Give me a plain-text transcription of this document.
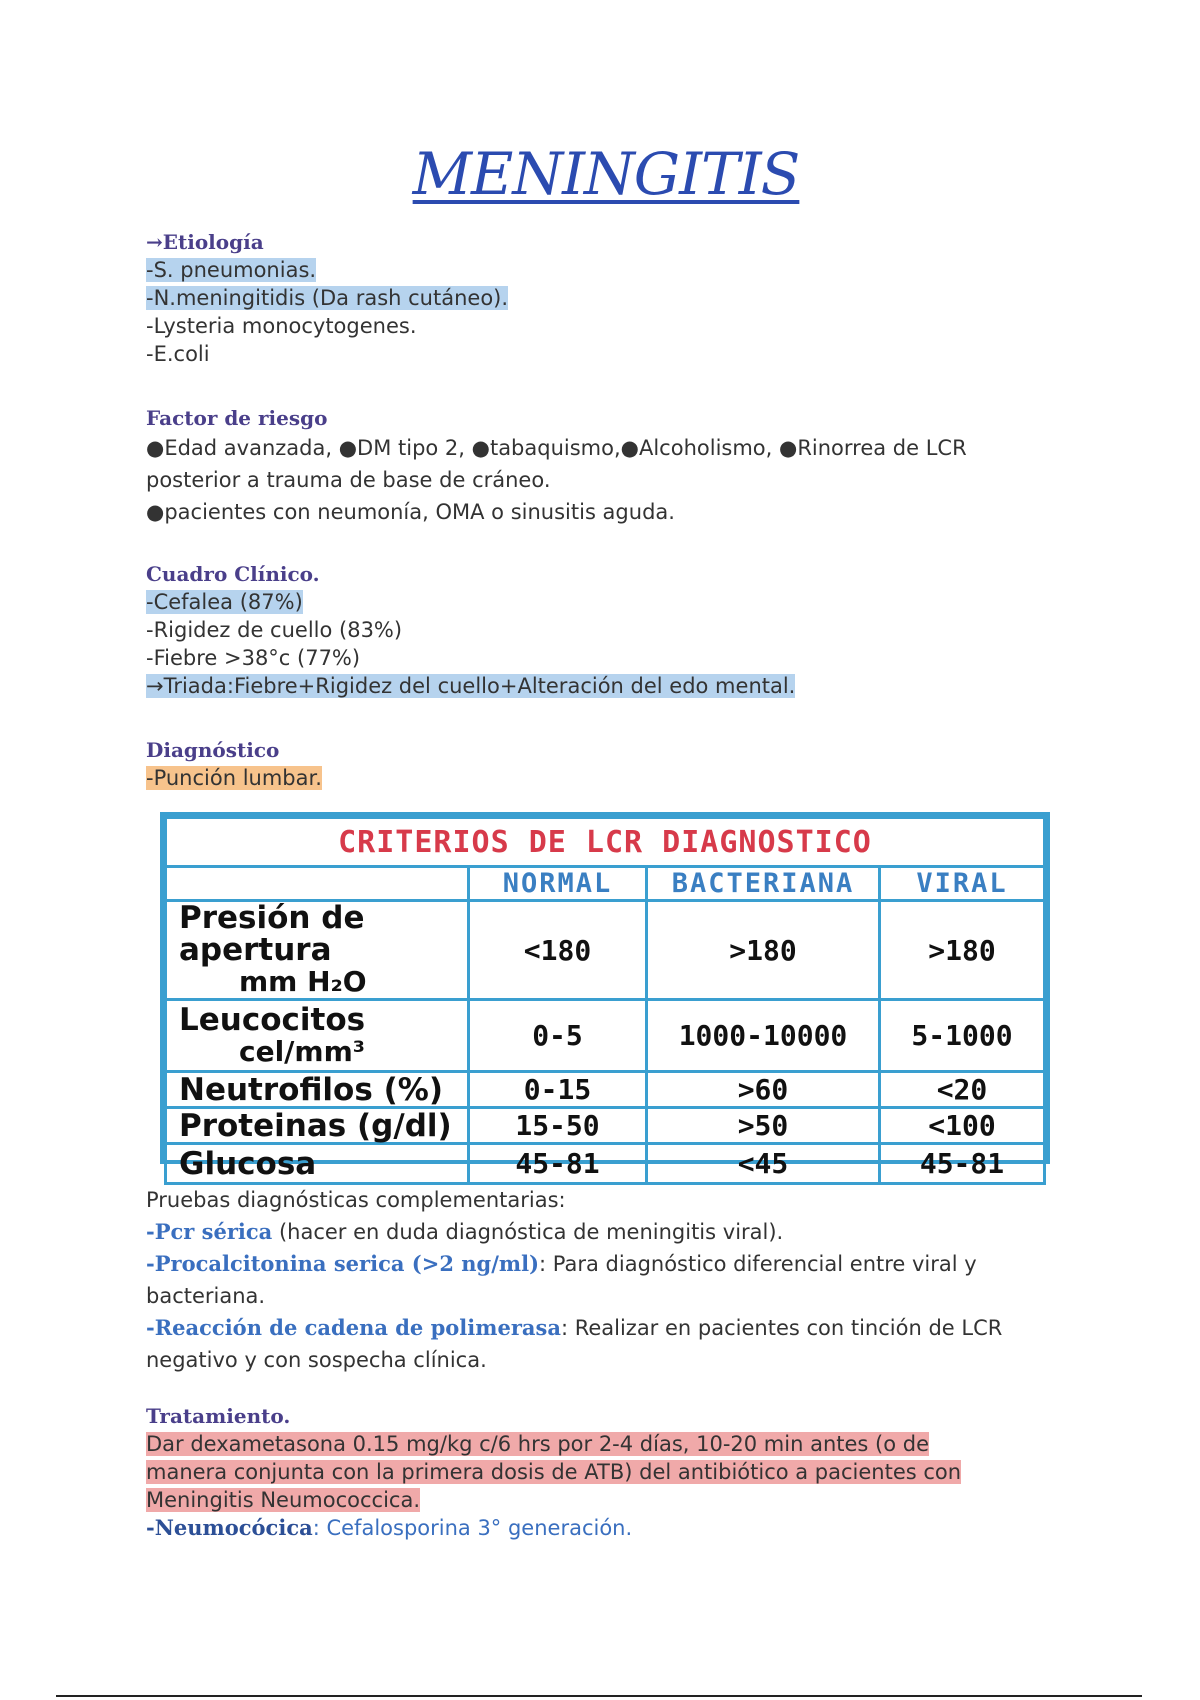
MENINGITIS

→Etiología

-S. pneumonias.

-N.meningitidis (Da rash cutáneo).

-Lysteria monocytogenes.

-E.coli

Factor de riesgo

●Edad avanzada, ●DM tipo 2, ●tabaquismo,●Alcoholismo, ●Rinorrea de LCR

posterior a trauma de base de cráneo.

●pacientes con neumonía, OMA o sinusitis aguda.

Cuadro Clínico.

-Cefalea (87%)

-Rigidez de cuello (83%)

-Fiebre >38°c (77%)

→Triada:Fiebre+Rigidez del cuello+Alteración del edo mental.

Diagnóstico

-Punción lumbar.

CRITERIOS DE LCR DIAGNOSTICO			
	NORMAL	BACTERIANA	VIRAL
Presión de apertura
mm H₂O	<180	>180	>180
Leucocitos
cel/mm³	0-5	1000-10000	5-1000
Neutrofilos (%)	0-15	>60	<20
Proteinas (g/dl)	15-50	>50	<100
Glucosa	45-81	<45	45-81

Pruebas diagnósticas complementarias:

-Pcr sérica (hacer en duda diagnóstica de meningitis viral).

-Procalcitonina serica (>2 ng/ml): Para diagnóstico diferencial entre viral y

bacteriana.

-Reacción de cadena de polimerasa: Realizar en pacientes con tinción de LCR

negativo y con sospecha clínica.

Tratamiento.

Dar dexametasona 0.15 mg/kg c/6 hrs por 2-4 días, 10-20 min antes (o de

manera conjunta con la primera dosis de ATB) del antibiótico a pacientes con

Meningitis Neumococcica.

-Neumocócica: Cefalosporina 3° generación.
